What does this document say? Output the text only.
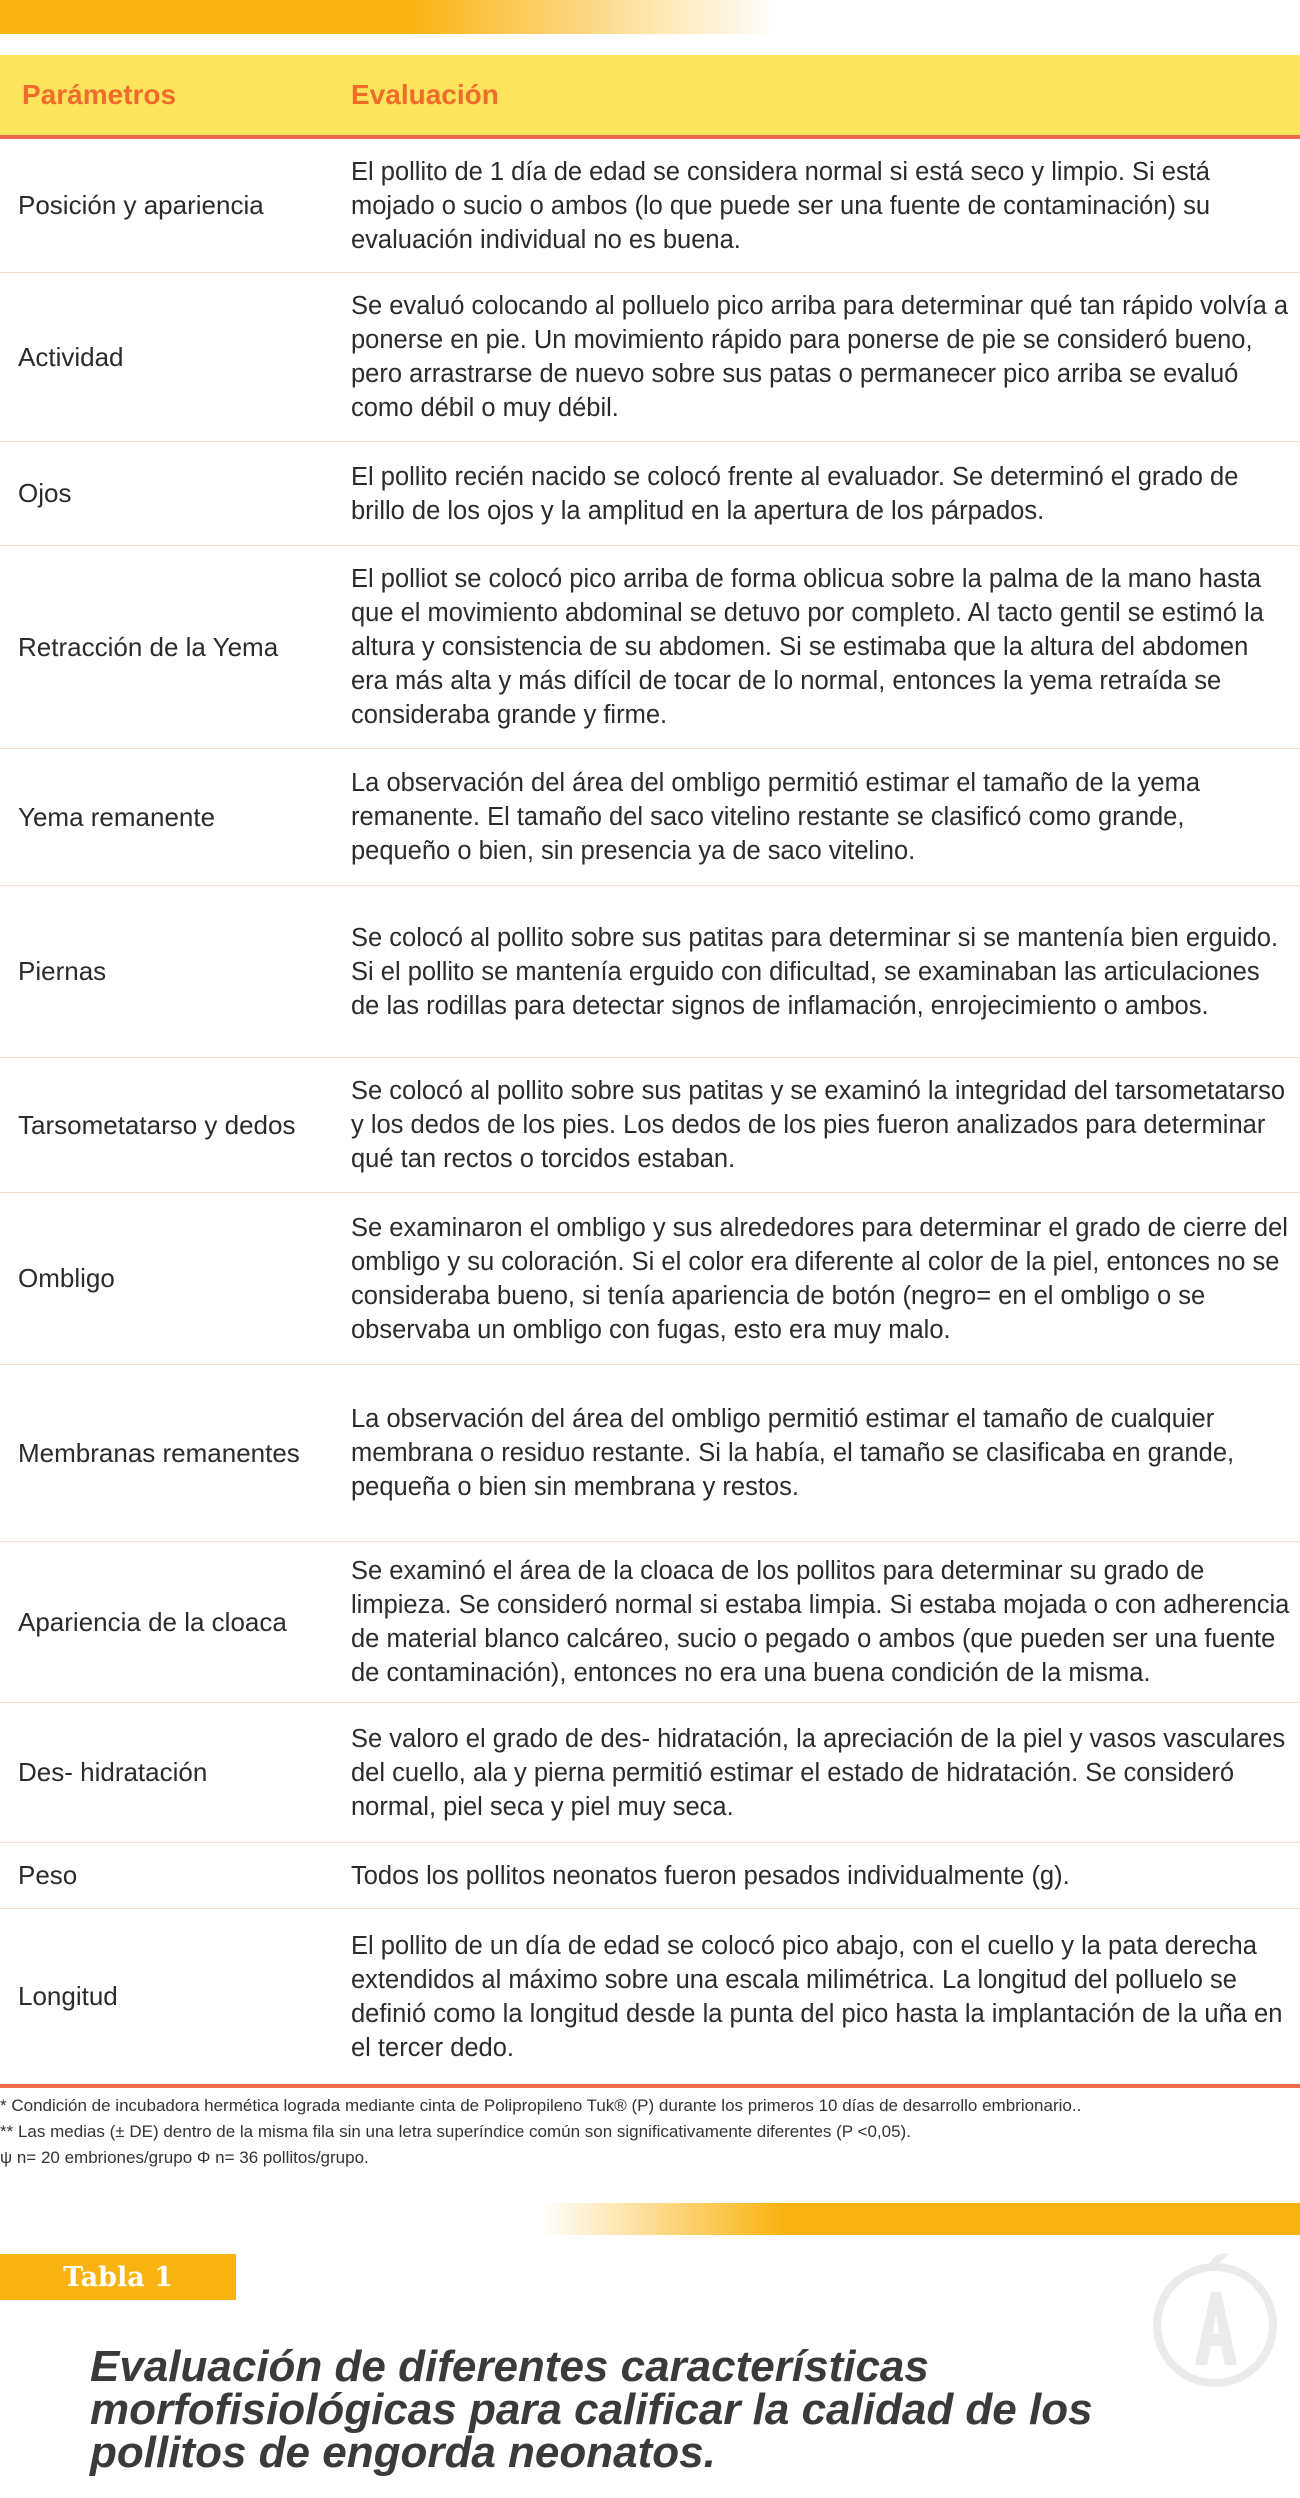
Parámetros	Evaluación
Posición y apariencia
El pollito de 1 día de edad se considera normal si está seco y limpio. Si está mojado o sucio o ambos (lo que puede ser una fuente de contaminación) su evaluación individual no es buena.
Actividad
Se evaluó colocando al polluelo pico arriba para determinar qué tan rápido volvía a ponerse en pie. Un movimiento rápido para ponerse de pie se consideró bueno, pero arrastrarse de nuevo sobre sus patas o permanecer pico arriba se evaluó como débil o muy débil.
Ojos
El pollito recién nacido se colocó frente al evaluador. Se determinó el grado de brillo de los ojos y la amplitud en la apertura de los párpados.
Retracción de la Yema
El polliot se colocó pico arriba de forma oblicua sobre la palma de la mano hasta que el movimiento abdominal se detuvo por completo. Al tacto gentil se estimó la altura y consistencia de su abdomen. Si se estimaba que la altura del abdomen era más alta y más difícil de tocar de lo normal, entonces la yema retraída se consideraba grande y firme.
Yema remanente
La observación del área del ombligo permitió estimar el tamaño de la yema remanente. El tamaño del saco vitelino restante se clasificó como grande, pequeño o bien, sin presencia ya de saco vitelino.
Piernas
Se colocó al pollito sobre sus patitas para determinar si se mantenía bien erguido. Si el pollito se mantenía erguido con dificultad, se examinaban las articulaciones de las rodillas para detectar signos de inflamación, enrojecimiento o ambos.
Tarsometatarso y dedos
Se colocó al pollito sobre sus patitas y se examinó la integridad del tarsometatarso y los dedos de los pies. Los dedos de los pies fueron analizados para determinar qué tan rectos o torcidos estaban.
Ombligo
Se examinaron el ombligo y sus alrededores para determinar el grado de cierre del ombligo y su coloración. Si el color era diferente al color de la piel, entonces no se consideraba bueno, si tenía apariencia de botón (negro= en el ombligo o se observaba un ombligo con fugas, esto era muy malo.
Membranas remanentes
La observación del área del ombligo permitió estimar el tamaño de cualquier membrana o residuo restante. Si la había, el tamaño se clasificaba en grande, pequeña o bien sin membrana y restos.
Apariencia de la cloaca
Se examinó el área de la cloaca de los pollitos para determinar su grado de limpieza. Se consideró normal si estaba limpia. Si estaba mojada o con adherencia de material blanco calcáreo, sucio o pegado o ambos (que pueden ser una fuente de contaminación), entonces no era una buena condición de la misma.
Des- hidratación
Se valoro el grado de des- hidratación, la apreciación de la piel y vasos vasculares del cuello, ala y pierna permitió estimar el estado de hidratación. Se consideró normal, piel seca y piel muy seca.
Peso	Todos los pollitos neonatos fueron pesados individualmente (g).
Longitud
El pollito de un día de edad se colocó pico abajo, con el cuello y la pata derecha extendidos al máximo sobre una escala milimétrica. La longitud del polluelo se definió como la longitud desde la punta del pico hasta la implantación de la uña en el tercer dedo.
* Condición de incubadora hermética lograda mediante cinta de Polipropileno Tuk® (P) durante los primeros 10 días de desarrollo embrionario..
** Las medias (± DE) dentro de la misma fila sin una letra superíndice común son significativamente diferentes (P <0,05).
ψ n= 20 embriones/grupo Φ n= 36 pollitos/grupo.
Tabla 1
Evaluación de diferentes características
morfofisiológicas para calificar la calidad de los
pollitos de engorda neonatos.
